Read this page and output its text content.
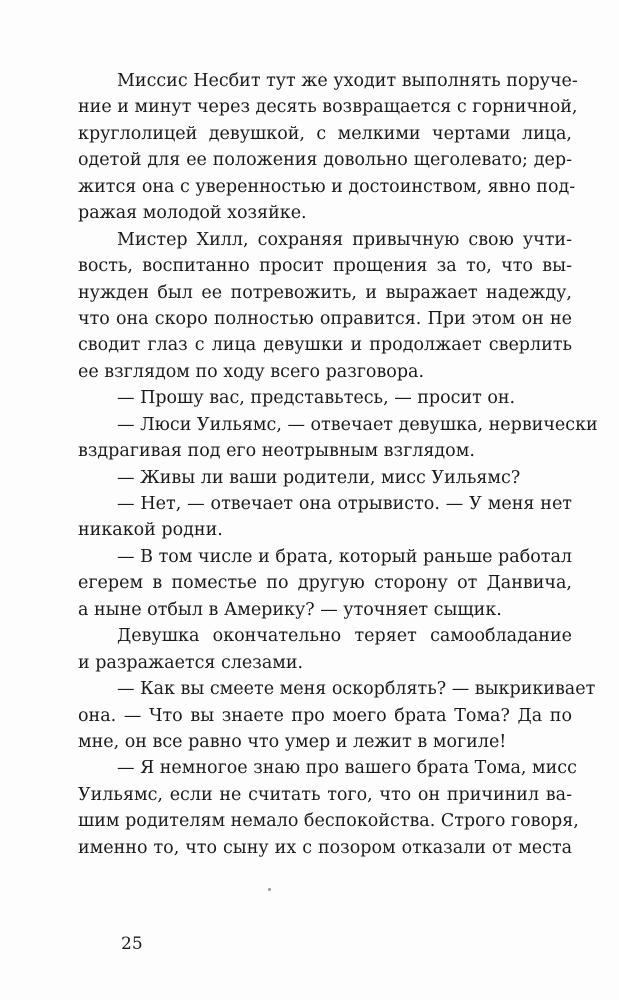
Миссис Несбит тут же уходит выполнять поруче-
ние и минут через десять возвращается с горничной,
круглолицей девушкой, с мелкими чертами лица,
одетой для ее положения довольно щеголевато; дер-
жится она с уверенностью и достоинством, явно под-
ражая молодой хозяйке.
Мистер Хилл, сохраняя привычную свою учти-
вость, воспитанно просит прощения за то, что вы-
нужден был ее потревожить, и выражает надежду,
что она скоро полностью оправится. При этом он не
сводит глаз с лица девушки и продолжает сверлить
ее взглядом по ходу всего разговора.
— Прошу вас, представьтесь, — просит он.
— Люси Уильямс, — отвечает девушка, нервически
вздрагивая под его неотрывным взглядом.
— Живы ли ваши родители, мисс Уильямс?
— Нет, — отвечает она отрывисто. — У меня нет
никакой родни.
— В том числе и брата, который раньше работал
егерем в поместье по другую сторону от Данвича,
а ныне отбыл в Америку? — уточняет сыщик.
Девушка окончательно теряет самообладание
и разражается слезами.
— Как вы смеете меня оскорблять? — выкрикивает
она. — Что вы знаете про моего брата Тома? Да по
мне, он все равно что умер и лежит в могиле!
— Я немногое знаю про вашего брата Тома, мисс
Уильямс, если не считать того, что он причинил ва-
шим родителям немало беспокойства. Строго говоря,
именно то, что сыну их с позором отказали от места
25
